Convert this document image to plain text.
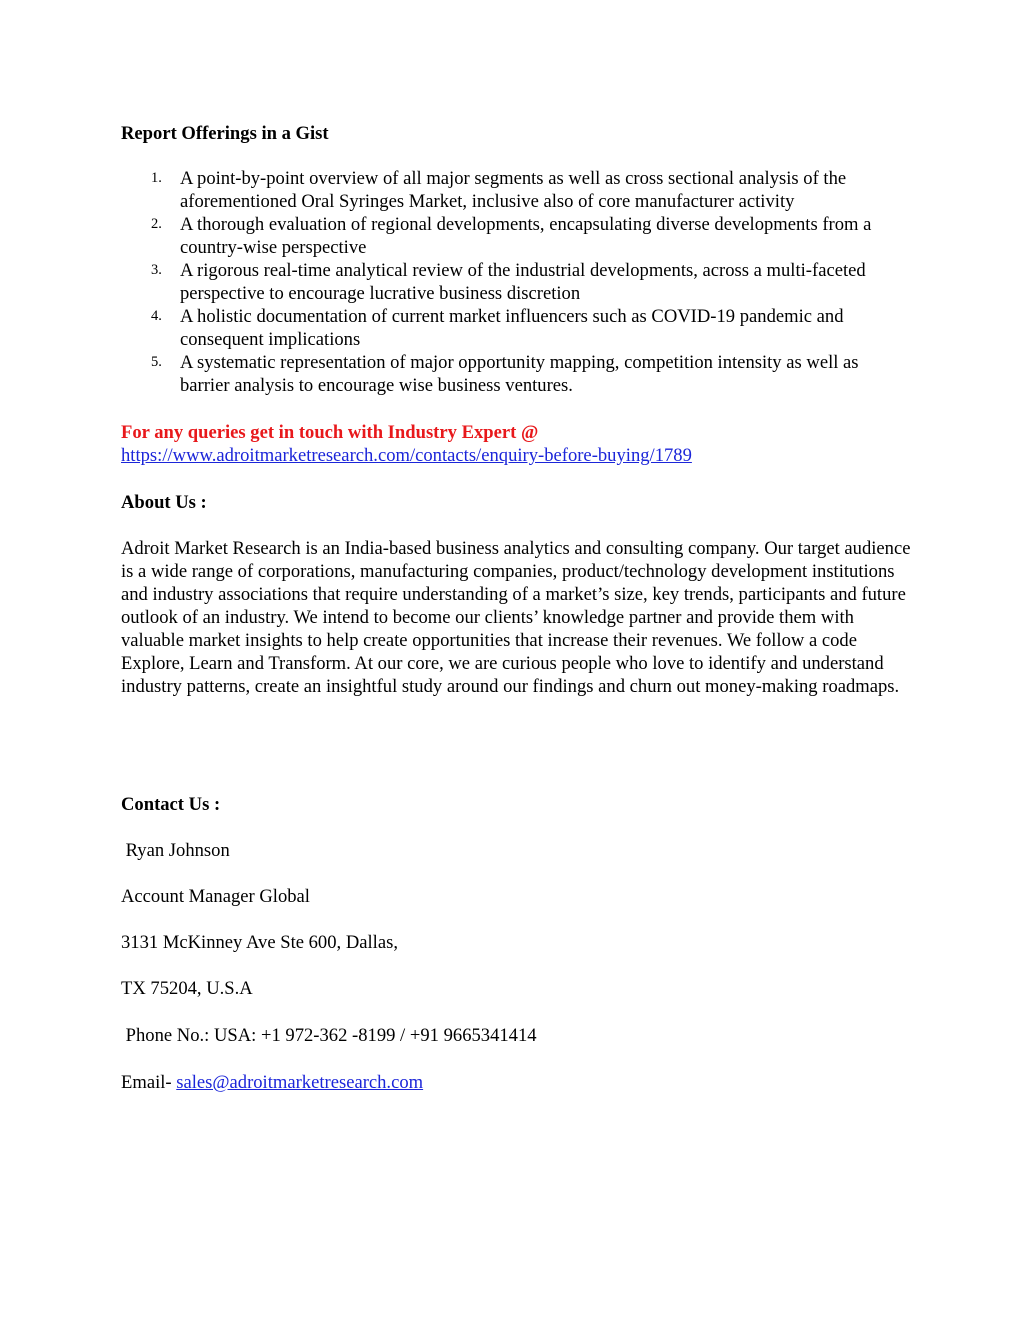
Report Offerings in a Gist
1. A point-by-point overview of all major segments as well as cross sectional analysis of the aforementioned Oral Syringes Market, inclusive also of core manufacturer activity
2. A thorough evaluation of regional developments, encapsulating diverse developments from a country-wise perspective
3. A rigorous real-time analytical review of the industrial developments, across a multi-faceted perspective to encourage lucrative business discretion
4. A holistic documentation of current market influencers such as COVID-19 pandemic and consequent implications
5. A systematic representation of major opportunity mapping, competition intensity as well as barrier analysis to encourage wise business ventures.
For any queries get in touch with Industry Expert @
https://www.adroitmarketresearch.com/contacts/enquiry-before-buying/1789
About Us :
Adroit Market Research is an India-based business analytics and consulting company. Our target audience is a wide range of corporations, manufacturing companies, product/technology development institutions and industry associations that require understanding of a market’s size, key trends, participants and future outlook of an industry. We intend to become our clients’ knowledge partner and provide them with valuable market insights to help create opportunities that increase their revenues. We follow a code Explore, Learn and Transform. At our core, we are curious people who love to identify and understand industry patterns, create an insightful study around our findings and churn out money-making roadmaps.
Contact Us :
Ryan Johnson
Account Manager Global
3131 McKinney Ave Ste 600, Dallas,
TX 75204, U.S.A
Phone No.: USA: +1 972-362 -8199 / +91 9665341414
Email- sales@adroitmarketresearch.com
